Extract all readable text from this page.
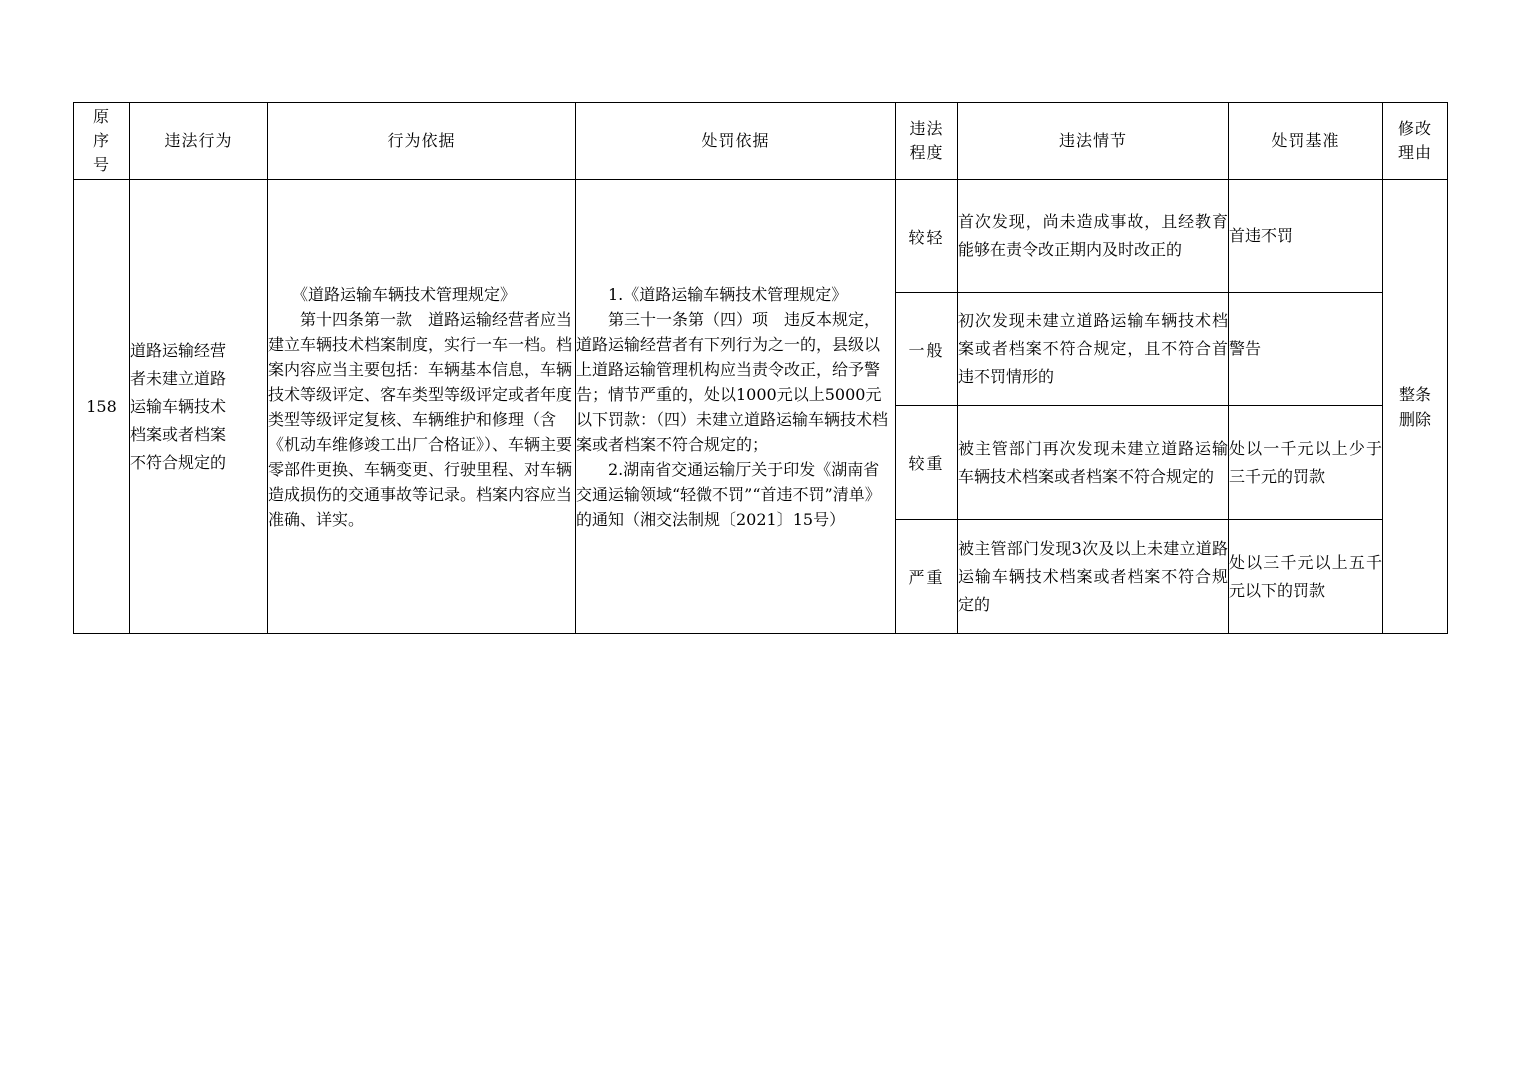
原
序
号	违法行为	行为依据	处罚依据	违法
程度	违法情节	处罚基准	修改
理由
158	道路运输经营
者未建立道路
运输车辆技术
档案或者档案
不符合规定的	　　《道路运输车辆技术管理规定》
　　第十四条第一款　道路运输经营者应当建立车辆技术档案制度，实行一车一档。档案内容应当主要包括：车辆基本信息，车辆技术等级评定、客车类型等级评定或者年度类型等级评定复核、车辆维护和修理（含《机动车维修竣工出厂合格证》）、车辆主要零部件更换、车辆变更、行驶里程、对车辆造成损伤的交通事故等记录。档案内容应当准确、详实。	　　1.《道路运输车辆技术管理规定》
　　第三十一条第（四）项　违反本规定，道路运输经营者有下列行为之一的，县级以上道路运输管理机构应当责令改正，给予警告；情节严重的，处以1000元以上5000元以下罚款：（四）未建立道路运输车辆技术档案或者档案不符合规定的；
　　2.湖南省交通运输厅关于印发《湖南省交通运输领域“轻微不罚”“首违不罚”清单》的通知（湘交法制规〔2021〕15号）	较轻	首次发现，尚未造成事故，且经教育能够在责令改正期内及时改正的	首违不罚	整条
删除
				一般	初次发现未建立道路运输车辆技术档案或者档案不符合规定，且不符合首违不罚情形的	警告	
				较重	被主管部门再次发现未建立道路运输车辆技术档案或者档案不符合规定的	处以一千元以上少于三千元的罚款	
				严重	被主管部门发现3次及以上未建立道路运输车辆技术档案或者档案不符合规定的	处以三千元以上五千元以下的罚款	
